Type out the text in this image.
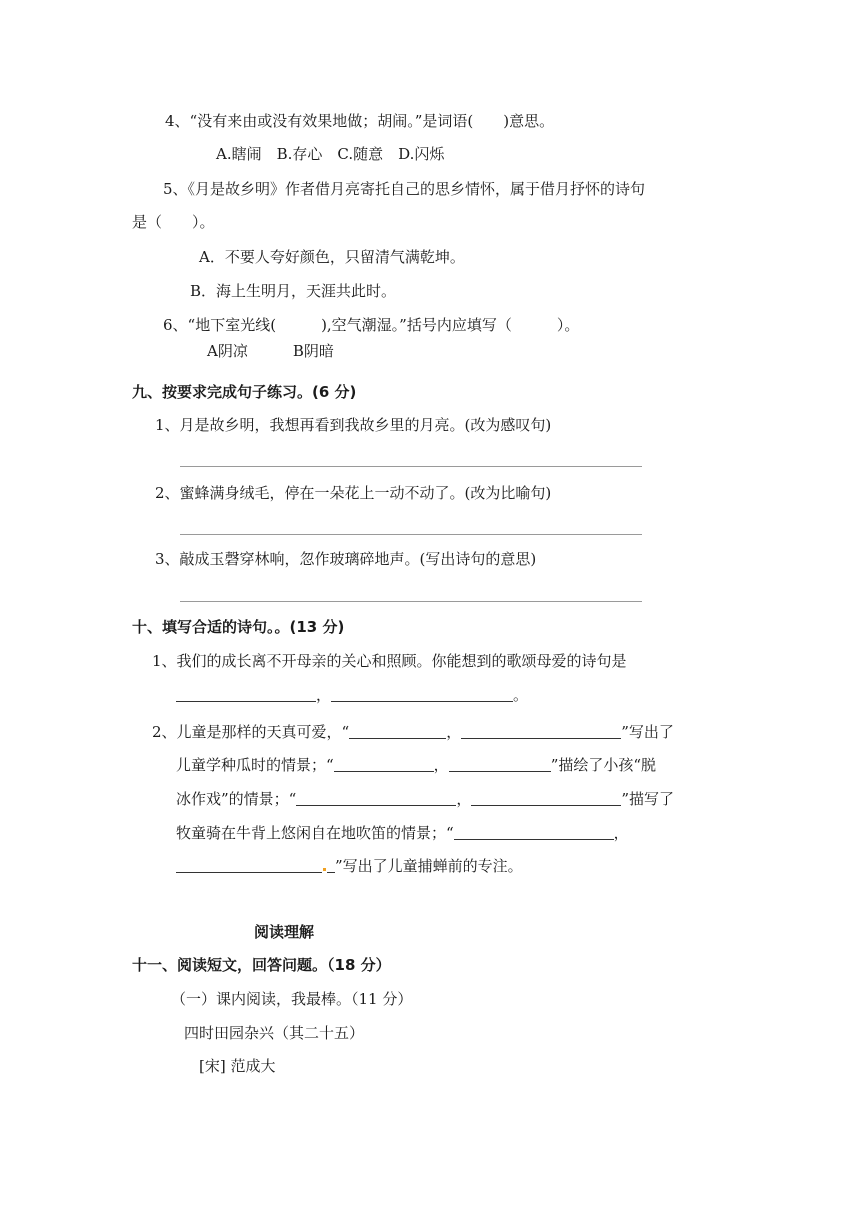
4、“没有来由或没有效果地做；胡闹。”是词语(　　)意思。
A.瞎闹　B.存心　C.随意　D.闪烁
5、《月是故乡明》作者借月亮寄托自己的思乡情怀，属于借月抒怀的诗句
是（　　）。
A．不要人夸好颜色，只留清气满乾坤。
B．海上生明月，天涯共此时。
6、“地下室光线(　　　),空气潮湿。”括号内应填写（　　　）。
A阴凉　　　B阴暗
九、按要求完成句子练习。(6 分)
1、月是故乡明，我想再看到我故乡里的月亮。(改为感叹句)
2、蜜蜂满身绒毛，停在一朵花上一动不动了。(改为比喻句)
3、敲成玉磬穿林响，忽作玻璃碎地声。(写出诗句的意思)
十、填写合适的诗句。。(13 分)
1、我们的成长离不开母亲的关心和照顾。你能想到的歌颂母爱的诗句是
，	。
2、儿童是那样的天真可爱，“	，	”写出了
儿童学种瓜时的情景；“	，	”描绘了小孩“脱
冰作戏”的情景；“	，	”描写了
牧童骑在牛背上悠闲自在地吹笛的情景；“	，
”写出了儿童捕蝉前的专注。
阅读理解
十一、阅读短文，回答问题。（18 分）
（一）课内阅读，我最棒。（11 分）
四时田园杂兴（其二十五）
[宋] 范成大
